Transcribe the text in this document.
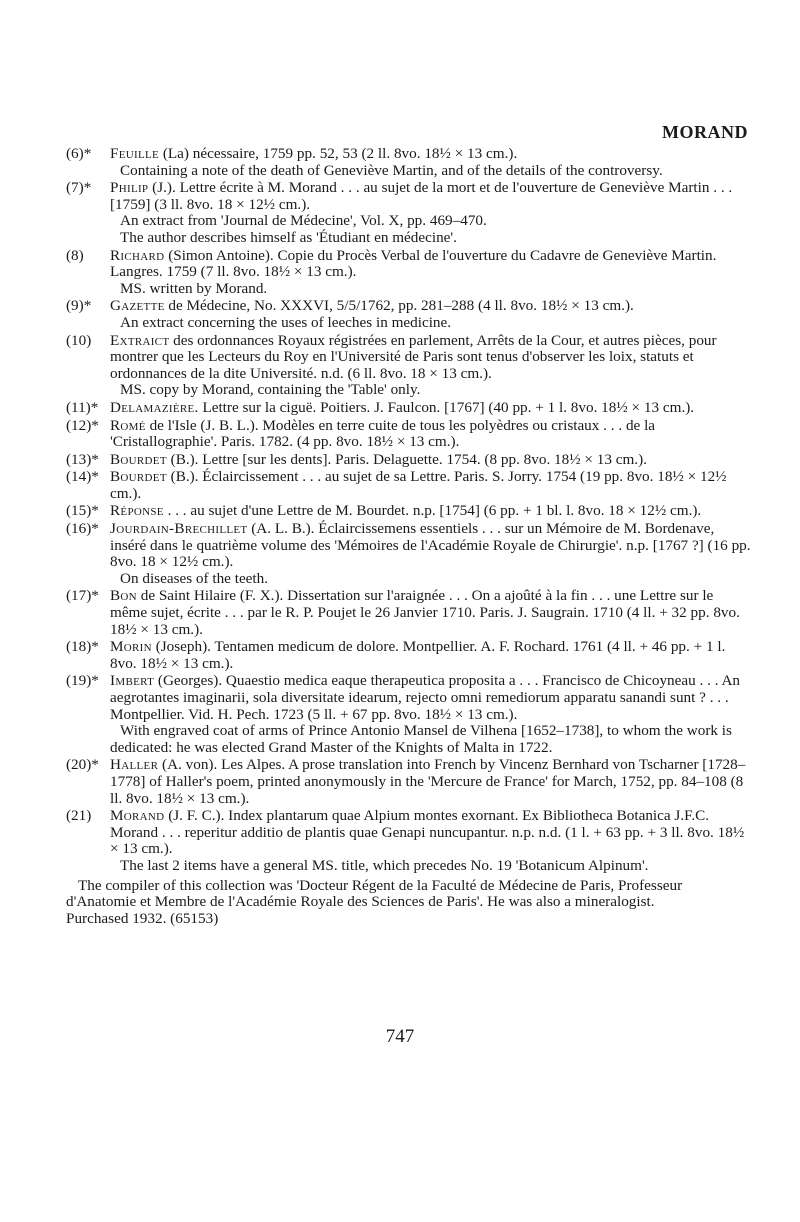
MORAND
(6)* Feuille (La) nécessaire, 1759 pp. 52, 53 (2 ll. 8vo. 18½ × 13 cm.).
Containing a note of the death of Geneviève Martin, and of the details of the controversy.
(7)* Philip (J.). Lettre écrite à M. Morand . . . au sujet de la mort et de l'ouverture de Geneviève Martin . . . [1759] (3 ll. 8vo. 18 × 12½ cm.).
An extract from 'Journal de Médecine', Vol. X, pp. 469–470.
The author describes himself as 'Étudiant en médecine'.
(8) Richard (Simon Antoine). Copie du Procès Verbal de l'ouverture du Cadavre de Geneviève Martin. Langres. 1759 (7 ll. 8vo. 18½ × 13 cm.).
MS. written by Morand.
(9)* Gazette de Médecine, No. XXXVI, 5/5/1762, pp. 281–288 (4 ll. 8vo. 18½ × 13 cm.).
An extract concerning the uses of leeches in medicine.
(10) Extraict des ordonnances Royaux régistrées en parlement, Arrêts de la Cour, et autres pièces, pour montrer que les Lecteurs du Roy en l'Université de Paris sont tenus d'observer les loix, statuts et ordonnances de la dite Université. n.d. (6 ll. 8vo. 18 × 13 cm.).
MS. copy by Morand, containing the 'Table' only.
(11)* Delamazière. Lettre sur la ciguë. Poitiers. J. Faulcon. [1767] (40 pp. + 1 l. 8vo. 18½ × 13 cm.).
(12)* Romé de l'Isle (J. B. L.). Modèles en terre cuite de tous les polyèdres ou cristaux . . . de la 'Cristallographie'. Paris. 1782. (4 pp. 8vo. 18½ × 13 cm.).
(13)* Bourdet (B.). Lettre [sur les dents]. Paris. Delaguette. 1754. (8 pp. 8vo. 18½ × 13 cm.).
(14)* Bourdet (B.). Éclaircissement . . . au sujet de sa Lettre. Paris. S. Jorry. 1754 (19 pp. 8vo. 18½ × 12½ cm.).
(15)* Réponse . . . au sujet d'une Lettre de M. Bourdet. n.p. [1754] (6 pp. + 1 bl. l. 8vo. 18 × 12½ cm.).
(16)* Jourdain-Brechillet (A. L. B.). Éclaircissemens essentiels . . . sur un Mémoire de M. Bordenave, inséré dans le quatrième volume des 'Mémoires de l'Académie Royale de Chirurgie'. n.p. [1767 ?] (16 pp. 8vo. 18 × 12½ cm.).
On diseases of the teeth.
(17)* Bon de Saint Hilaire (F. X.). Dissertation sur l'araignée . . . On a ajoûté à la fin . . . une Lettre sur le même sujet, écrite . . . par le R. P. Poujet le 26 Janvier 1710. Paris. J. Saugrain. 1710 (4 ll. + 32 pp. 8vo. 18½ × 13 cm.).
(18)* Morin (Joseph). Tentamen medicum de dolore. Montpellier. A. F. Rochard. 1761 (4 ll. + 46 pp. + 1 l. 8vo. 18½ × 13 cm.).
(19)* Imbert (Georges). Quaestio medica eaque therapeutica proposita a . . . Francisco de Chicoyneau . . . An aegrotantes imaginarii, sola diversitate idearum, rejecto omni remediorum apparatu sanandi sunt ? . . . Montpellier. Vid. H. Pech. 1723 (5 ll. + 67 pp. 8vo. 18½ × 13 cm.).
With engraved coat of arms of Prince Antonio Mansel de Vilhena [1652–1738], to whom the work is dedicated: he was elected Grand Master of the Knights of Malta in 1722.
(20)* Haller (A. von). Les Alpes. A prose translation into French by Vincenz Bernhard von Tscharner [1728–1778] of Haller's poem, printed anonymously in the 'Mercure de France' for March, 1752, pp. 84–108 (8 ll. 8vo. 18½ × 13 cm.).
(21) Morand (J. F. C.). Index plantarum quae Alpium montes exornant. Ex Bibliotheca Botanica J.F.C. Morand . . . reperitur additio de plantis quae Genapi nuncupantur. n.p. n.d. (1 l. + 63 pp. + 3 ll. 8vo. 18½ × 13 cm.).
The last 2 items have a general MS. title, which precedes No. 19 'Botanicum Alpinum'.
The compiler of this collection was 'Docteur Régent de la Faculté de Médecine de Paris, Professeur d'Anatomie et Membre de l'Académie Royale des Sciences de Paris'. He was also a mineralogist.
Purchased 1932. (65153)
747
